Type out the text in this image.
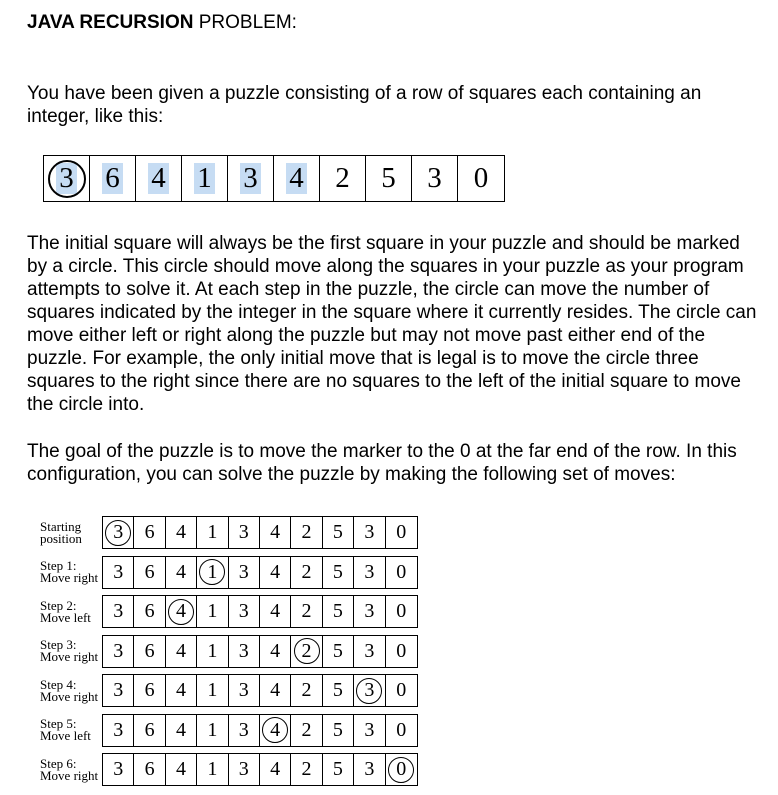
JAVA RECURSION PROBLEM:

You have been given a puzzle consisting of a row of squares each containing an integer, like this:

3 6 4 1 3 4 2 5 3 0

The initial square will always be the first square in your puzzle and should be marked by a circle. This circle should move along the squares in your puzzle as your program attempts to solve it. At each step in the puzzle, the circle can move the number of squares indicated by the integer in the square where it currently resides. The circle can move either left or right along the puzzle but may not move past either end of the puzzle. For example, the only initial move that is legal is to move the circle three squares to the right since there are no squares to the left of the initial square to move the circle into.

The goal of the puzzle is to move the marker to the 0 at the far end of the row. In this configuration, you can solve the puzzle by making the following set of moves:

Starting
position	3 6 4 1 3 4 2 5 3 0
Step 1:
Move right 3 6 4 1 3 4 2 5 3 0
Step 2:
Move left	3 6 4 1 3 4 2 5 3 0
Step 3:
Move right 3 6 4 1 3 4 2 5 3 0
Step 4:
Move right 3 6 4 1 3 4 2 5 3 0
Step 5:
Move left	3 6 4 1 3 4 2 5 3 0
Step 6:
Move right 3 6 4 1 3 4 2 5 3 0
